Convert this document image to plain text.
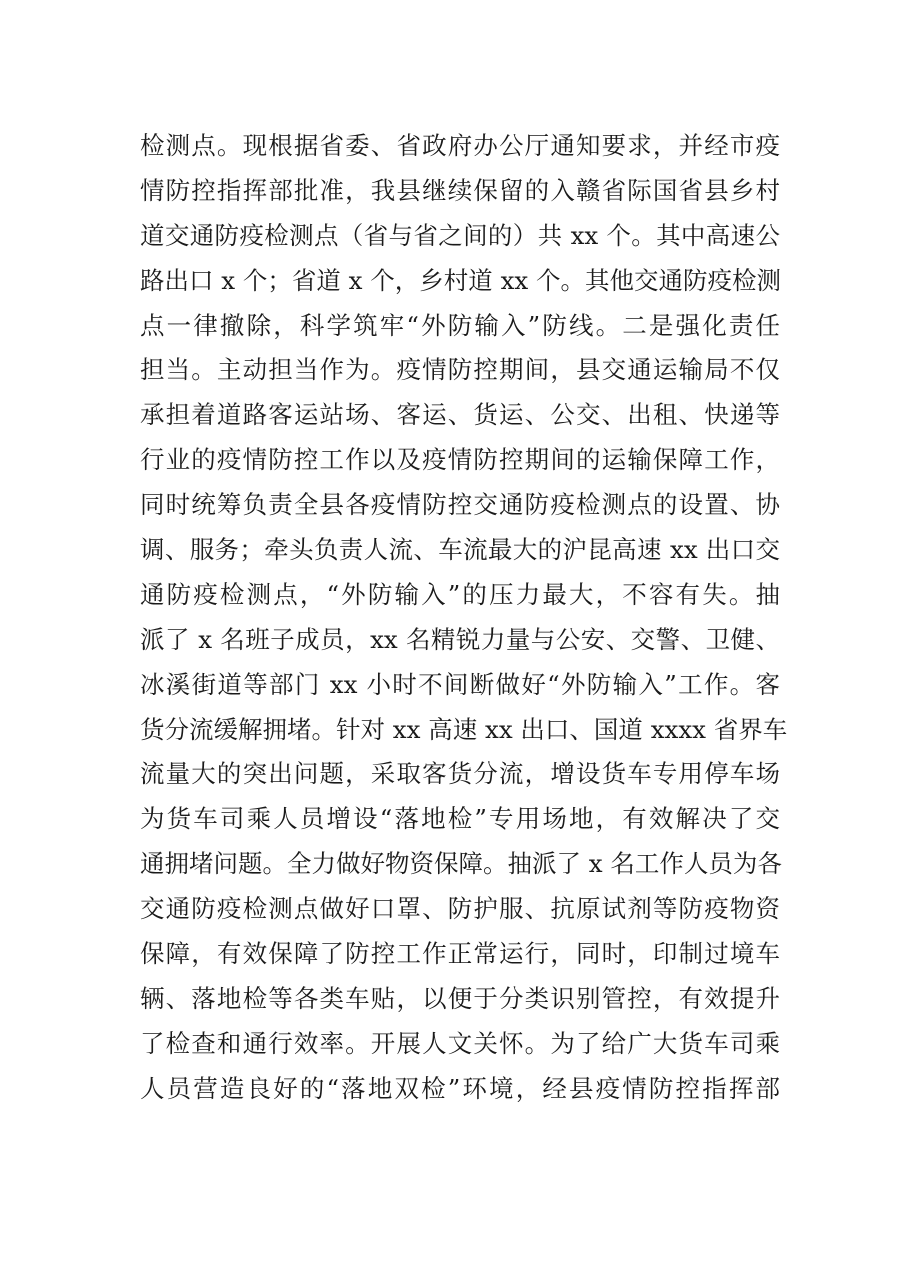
检测点。现根据省委、省政府办公厅通知要求，并经市疫
情防控指挥部批准，我县继续保留的入赣省际国省县乡村
道交通防疫检测点（省与省之间的）共 xx 个。其中高速公
路出口 x 个；省道 x 个，乡村道 xx 个。其他交通防疫检测
点一律撤除，科学筑牢“外防输入”防线。二是强化责任
担当。主动担当作为。疫情防控期间，县交通运输局不仅
承担着道路客运站场、客运、货运、公交、出租、快递等
行业的疫情防控工作以及疫情防控期间的运输保障工作，
同时统筹负责全县各疫情防控交通防疫检测点的设置、协
调、服务；牵头负责人流、车流最大的沪昆高速 xx 出口交
通防疫检测点，“外防输入”的压力最大，不容有失。抽
派了 x 名班子成员，xx 名精锐力量与公安、交警、卫健、
冰溪街道等部门 xx 小时不间断做好“外防输入”工作。客
货分流缓解拥堵。针对 xx 高速 xx 出口、国道 xxxx 省界车
流量大的突出问题，采取客货分流，增设货车专用停车场
为货车司乘人员增设“落地检”专用场地，有效解决了交
通拥堵问题。全力做好物资保障。抽派了 x 名工作人员为各
交通防疫检测点做好口罩、防护服、抗原试剂等防疫物资
保障，有效保障了防控工作正常运行，同时，印制过境车
辆、落地检等各类车贴，以便于分类识别管控，有效提升
了检查和通行效率。开展人文关怀。为了给广大货车司乘
人员营造良好的“落地双检”环境，经县疫情防控指挥部
